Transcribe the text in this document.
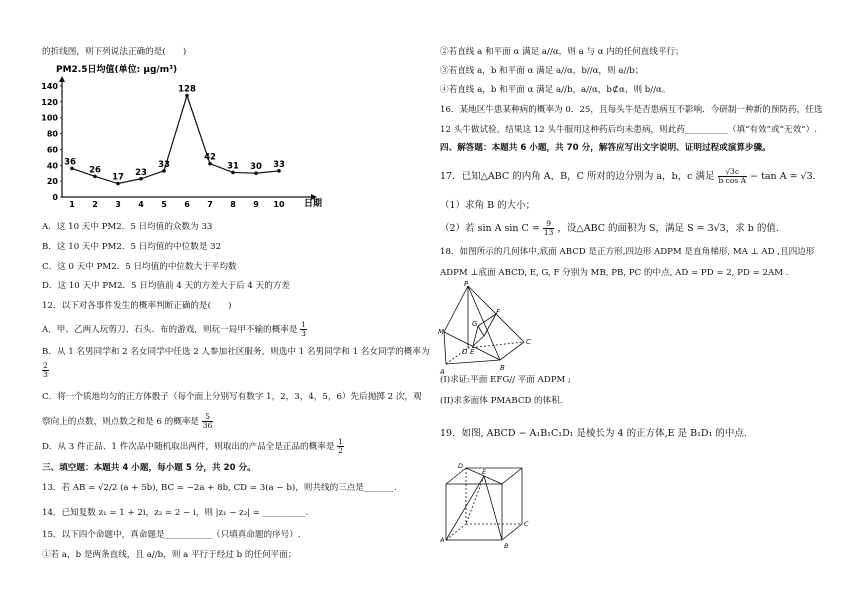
的折线图，则下列说法正确的是(　　)
PM2.5日均值(单位: μg/m³)
0
20
40
60
80
100
120
140
1 2 3 4 5 6 7 8 9 10
36
26
17 23
33
128
42
31 30 33
日期
A．这 10 天中 PM2．5 日均值的众数为 33
B．这 10 天中 PM2．5 日均值的中位数是 32
C．这 0 天中 PM2．5 日均值的中位数大于平均数
D．这 10 天中 PM2．5 日均值前 4 天的方差大于后 4 天的方差
12．以下对各事件发生的概率判断正确的是(　　)
A．甲、乙两人玩剪刀、石头、布的游戏，则玩一局甲不输的概率是 $\frac{1}{3}$
B．从 1 名男同学和 2 名女同学中任选 2 人参加社区服务，则选中 1 名男同学和 1 名女同学的概率为
$\frac{2}{3}$
C．将一个质地均匀的正方体骰子（每个面上分别写有数字 1，2，3，4，5，6）先后抛掷 2 次，观
察向上的点数，则点数之和是 6 的概率是 $\frac{5}{36}$
D．从 3 件正品、1 件次品中随机取出两件，则取出的产品全是正品的概率是 $\frac{1}{2}$
三、填空题：本题共 4 小题，每小题 5 分，共 20 分。
13．若 AB = √2/2 (a + 5b), BC = −2a + 8b, CD = 3(a − b)，则共线的三点是_______.
14．已知复数 z₁ = 1 + 2i，z₂ = 2 − i，则 |z₁ − z₂| = __________.
15．以下四个命题中，真命题是___________（只填真命题的序号）.
①若 a，b 是两条直线，且 a//b，则 a 平行于经过 b 的任何平面；
②若直线 a 和平面 α 满足 a//α，则 a 与 α 内的任何直线平行；
③若直线 a，b 和平面 α 满足 a//α，b//α，则 a//b；
④若直线 a，b 和平面 α 满足 a//b，a//α，b⊄α，则 b//α。
16．某地区牛患某种病的概率为 0．25，且每头牛是否患病互不影响．今研制一种新的预防药，任选
12 头牛做试验，结果这 12 头牛服用这种药后均未患病，则此药__________（填“有效”或“无效”）.
四、解答题：本题共 6 小题，共 70 分，解答应写出文字说明、证明过程或演算步骤。
17．已知△ABC 的内角 A，B，C 所对的边分别为 a，b，c 满足 $\frac{√3c}{\text{b cos A}} - \tan A = √3$．
（1）求角 B 的大小；
（2）若 sin A $\sin C = \frac{9}{13}$ ，设△ABC 的面积为 S，满足 S = 3√3，求 b 的值.
18．如图所示的几何体中,底面 ABCD 是正方形,四边形 ADPM 是直角梯形, MA ⊥ AD ,且四边形
ADPM ⊥底面 ABCD, E, G, F 分别为 MB, PB, PC 的中点, AD = PD = 2, PD = 2AM .
P
M
A	B
C
D E
F
G
(I)求证:平面 EFG// 平面 ADPM ;
(II)求多面体 PMABCD 的体积.
19．如图, ABCD − A₁B₁C₁D₁ 是棱长为 4 的正方体,E 是 B₁D₁ 的中点.
D
A
B
C
E
